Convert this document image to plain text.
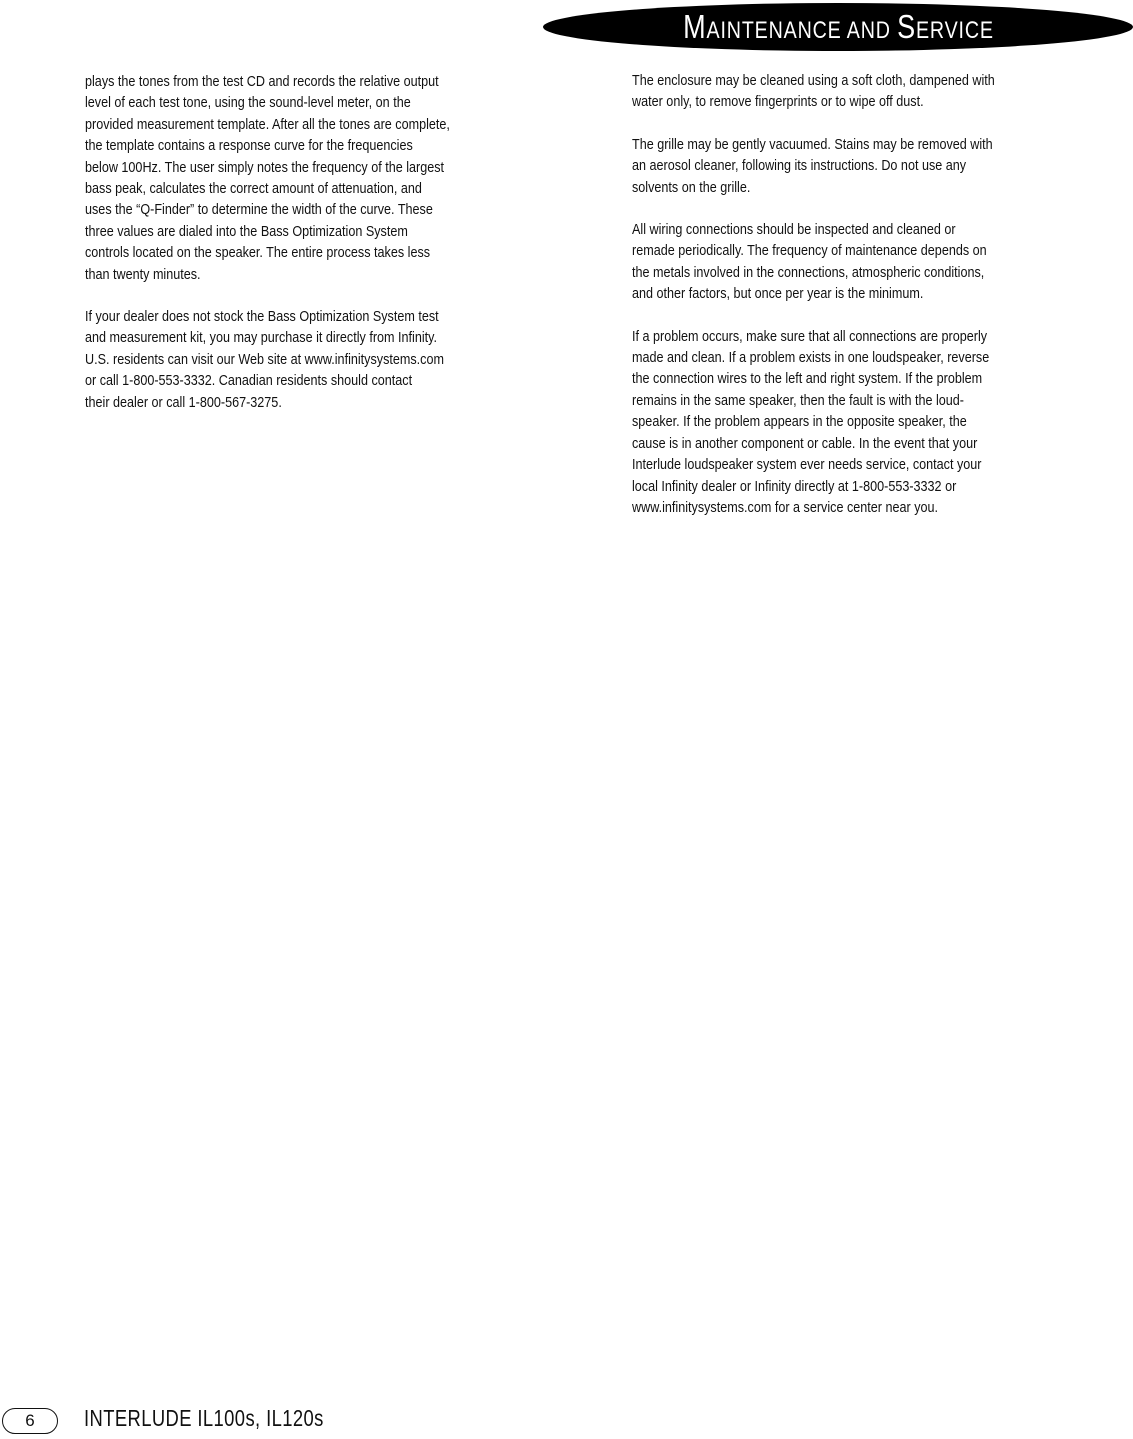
MAINTENANCE AND SERVICE

plays the tones from the test CD and records the relative output
level of each test tone, using the sound-level meter, on the
provided measurement template. After all the tones are complete,
the template contains a response curve for the frequencies
below 100Hz. The user simply notes the frequency of the largest
bass peak, calculates the correct amount of attenuation, and
uses the “Q-Finder” to determine the width of the curve. These
three values are dialed into the Bass Optimization System
controls located on the speaker. The entire process takes less
than twenty minutes.

If your dealer does not stock the Bass Optimization System test
and measurement kit, you may purchase it directly from Infinity.
U.S. residents can visit our Web site at www.infinitysystems.com
or call 1-800-553-3332. Canadian residents should contact
their dealer or call 1-800-567-3275.

The enclosure may be cleaned using a soft cloth, dampened with
water only, to remove fingerprints or to wipe off dust.

The grille may be gently vacuumed. Stains may be removed with
an aerosol cleaner, following its instructions. Do not use any
solvents on the grille.

All wiring connections should be inspected and cleaned or
remade periodically. The frequency of maintenance depends on
the metals involved in the connections, atmospheric conditions,
and other factors, but once per year is the minimum.

If a problem occurs, make sure that all connections are properly
made and clean. If a problem exists in one loudspeaker, reverse
the connection wires to the left and right system. If the problem
remains in the same speaker, then the fault is with the loud-
speaker. If the problem appears in the opposite speaker, the
cause is in another component or cable. In the event that your
Interlude loudspeaker system ever needs service, contact your
local Infinity dealer or Infinity directly at 1-800-553-3332 or
www.infinitysystems.com for a service center near you.

6	INTERLUDE IL100s, IL120s
